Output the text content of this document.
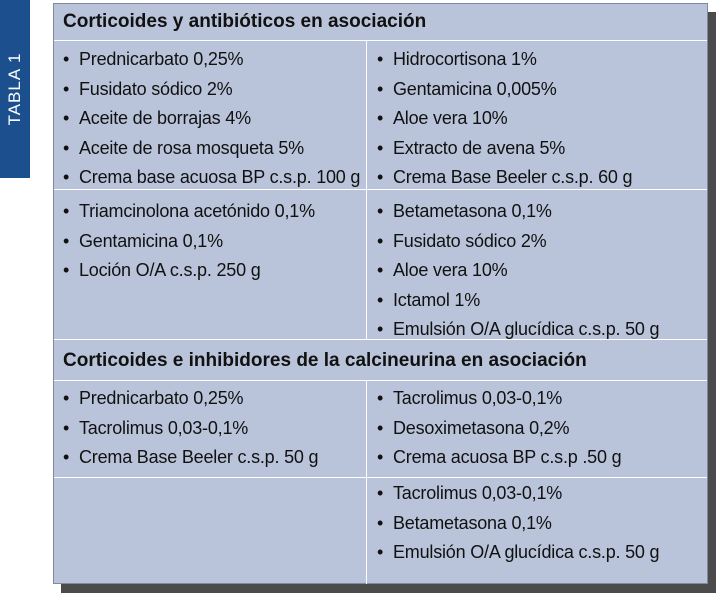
TABLA 1
Corticoides y antibióticos en asociación
• Prednicarbato 0,25%
• Fusidato sódico 2%
• Aceite de borrajas 4%
• Aceite de rosa mosqueta 5%
• Crema base acuosa BP c.s.p. 100 g
• Hidrocortisona 1%
• Gentamicina 0,005%
• Aloe vera 10%
• Extracto de avena 5%
• Crema Base Beeler c.s.p. 60 g
• Triamcinolona acetónido 0,1%
• Gentamicina 0,1%
• Loción O/A c.s.p. 250 g
• Betametasona 0,1%
• Fusidato sódico 2%
• Aloe vera 10%
• Ictamol 1%
• Emulsión O/A glucídica c.s.p. 50 g
Corticoides e inhibidores de la calcineurina en asociación
• Prednicarbato 0,25%
• Tacrolimus 0,03-0,1%
• Crema Base Beeler c.s.p. 50 g
• Tacrolimus 0,03-0,1%
• Desoximetasona 0,2%
• Crema acuosa BP c.s.p .50 g
• Tacrolimus 0,03-0,1%
• Betametasona 0,1%
• Emulsión O/A glucídica c.s.p. 50 g
